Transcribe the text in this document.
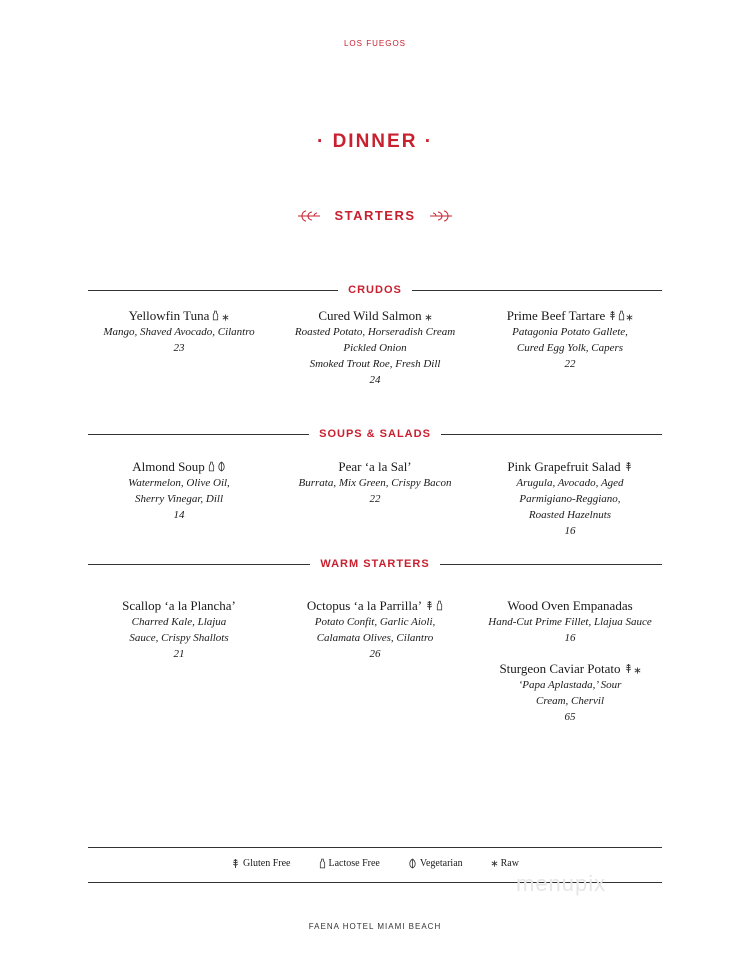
LOS FUEGOS
· DINNER ·
STARTERS
CRUDOS
Yellowfin Tuna
Mango, Shaved Avocado, Cilantro
23
Cured Wild Salmon
Roasted Potato, Horseradish Cream
Pickled Onion
Smoked Trout Roe, Fresh Dill
24
Prime Beef Tartare
Patagonia Potato Gallete,
Cured Egg Yolk, Capers
22
SOUPS & SALADS
Almond Soup
Watermelon, Olive Oil,
Sherry Vinegar, Dill
14
Pear ‘a la Sal’
Burrata, Mix Green, Crispy Bacon
22
Pink Grapefruit Salad
Arugula, Avocado, Aged
Parmigiano-Reggiano,
Roasted Hazelnuts
16
WARM STARTERS
Scallop ‘a la Plancha’
Charred Kale, Llajua
Sauce, Crispy Shallots
21
Octopus ‘a la Parrilla’
Potato Confit, Garlic Aioli,
Calamata Olives, Cilantro
26
Wood Oven Empanadas
Hand-Cut Prime Fillet, Llajua Sauce
16
Sturgeon Caviar Potato
‘Papa Aplastada,’ Sour
Cream, Chervil
65
Gluten Free	Lactose Free	Vegetarian	Raw
menupix
FAENA HOTEL MIAMI BEACH
